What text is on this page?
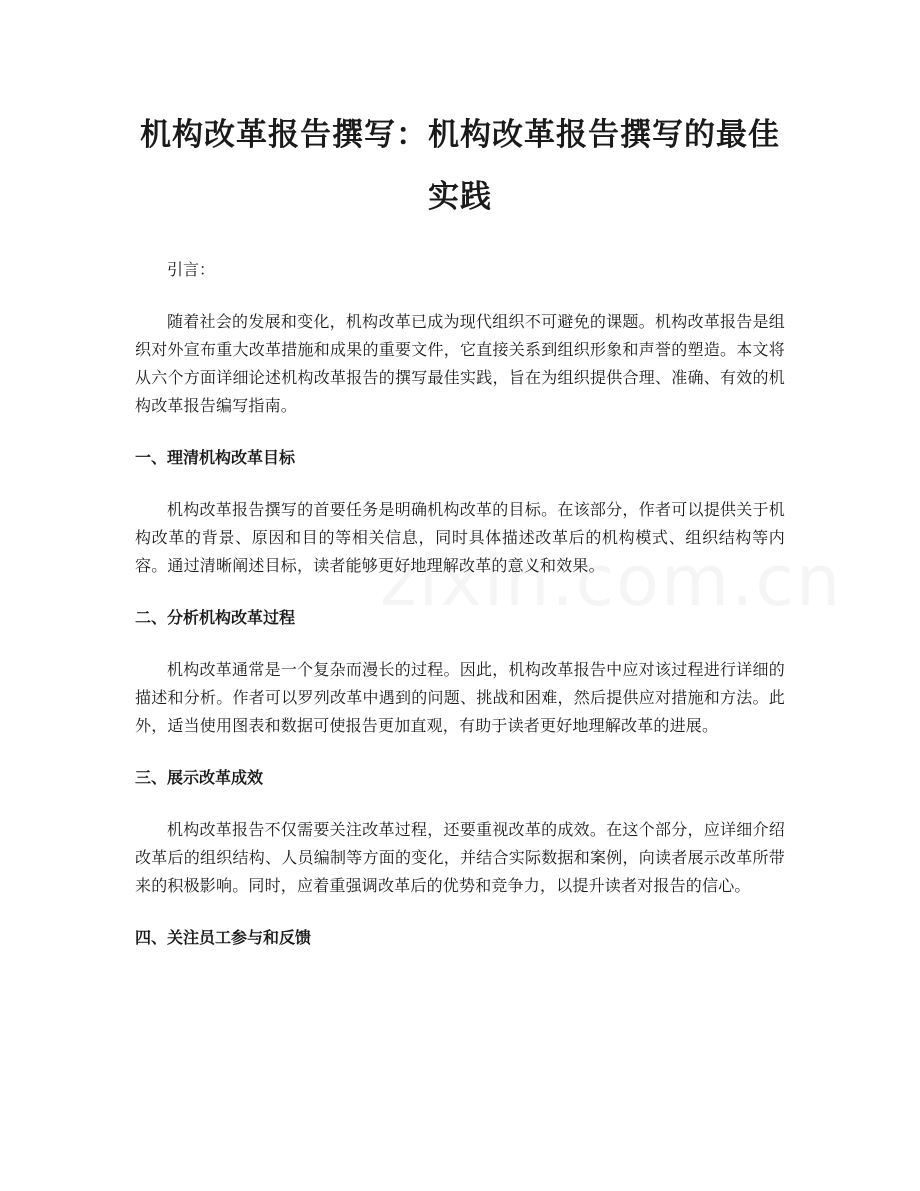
机构改革报告撰写：机构改革报告撰写的最佳实践

引言：

随着社会的发展和变化，机构改革已成为现代组织不可避免的课题。机构改革报告是组织对外宣布重大改革措施和成果的重要文件，它直接关系到组织形象和声誉的塑造。本文将从六个方面详细论述机构改革报告的撰写最佳实践，旨在为组织提供合理、准确、有效的机构改革报告编写指南。

一、理清机构改革目标

机构改革报告撰写的首要任务是明确机构改革的目标。在该部分，作者可以提供关于机构改革的背景、原因和目的等相关信息，同时具体描述改革后的机构模式、组织结构等内容。通过清晰阐述目标，读者能够更好地理解改革的意义和效果。

二、分析机构改革过程

机构改革通常是一个复杂而漫长的过程。因此，机构改革报告中应对该过程进行详细的描述和分析。作者可以罗列改革中遇到的问题、挑战和困难，然后提供应对措施和方法。此外，适当使用图表和数据可使报告更加直观，有助于读者更好地理解改革的进展。

三、展示改革成效

机构改革报告不仅需要关注改革过程，还要重视改革的成效。在这个部分，应详细介绍改革后的组织结构、人员编制等方面的变化，并结合实际数据和案例，向读者展示改革所带来的积极影响。同时，应着重强调改革后的优势和竞争力，以提升读者对报告的信心。

四、关注员工参与和反馈
